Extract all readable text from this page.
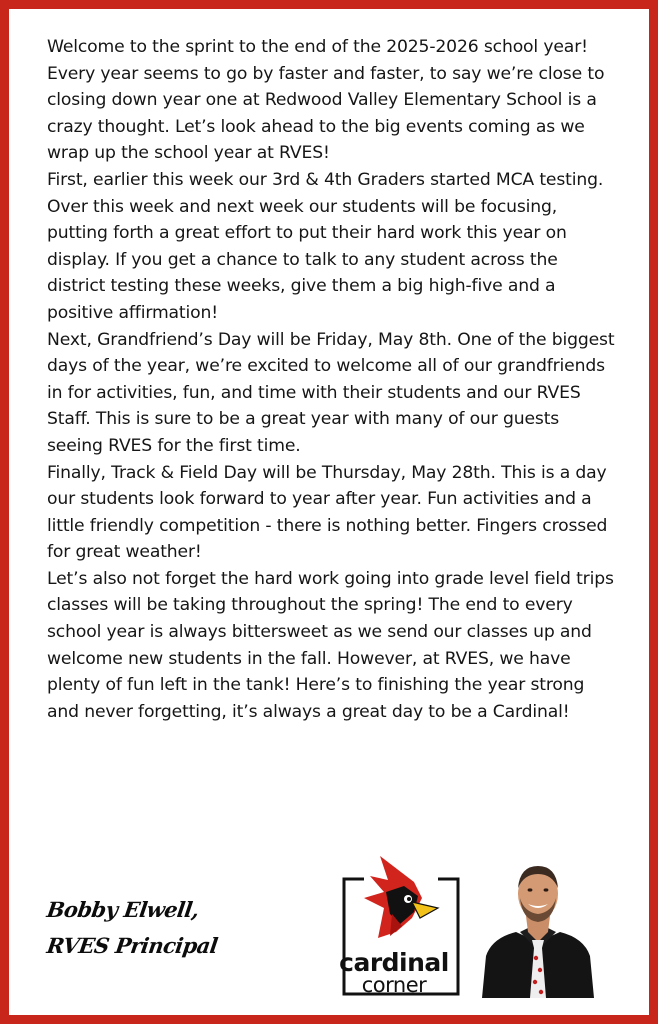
Welcome to the sprint to the end of the 2025-2026 school year! Every year seems to go by faster and faster, to say we’re close to closing down year one at Redwood Valley Elementary School is a crazy thought. Let’s look ahead to the big events coming as we wrap up the school year at RVES!

First, earlier this week our 3rd & 4th Graders started MCA testing. Over this week and next week our students will be focusing, putting forth a great effort to put their hard work this year on display. If you get a chance to talk to any student across the district testing these weeks, give them a big high-five and a positive affirmation!

Next, Grandfriend’s Day will be Friday, May 8th. One of the biggest days of the year, we’re excited to welcome all of our grandfriends in for activities, fun, and time with their students and our RVES Staff. This is sure to be a great year with many of our guests seeing RVES for the first time.

Finally, Track & Field Day will be Thursday, May 28th. This is a day our students look forward to year after year. Fun activities and a little friendly competition - there is nothing better. Fingers crossed for great weather!

Let’s also not forget the hard work going into grade level field trips classes will be taking throughout the spring! The end to every school year is always bittersweet as we send our classes up and welcome new students in the fall. However, at RVES, we have plenty of fun left in the tank! Here’s to finishing the year strong and never forgetting, it’s always a great day to be a Cardinal!

Bobby Elwell,
RVES Principal
cardinal
corner
